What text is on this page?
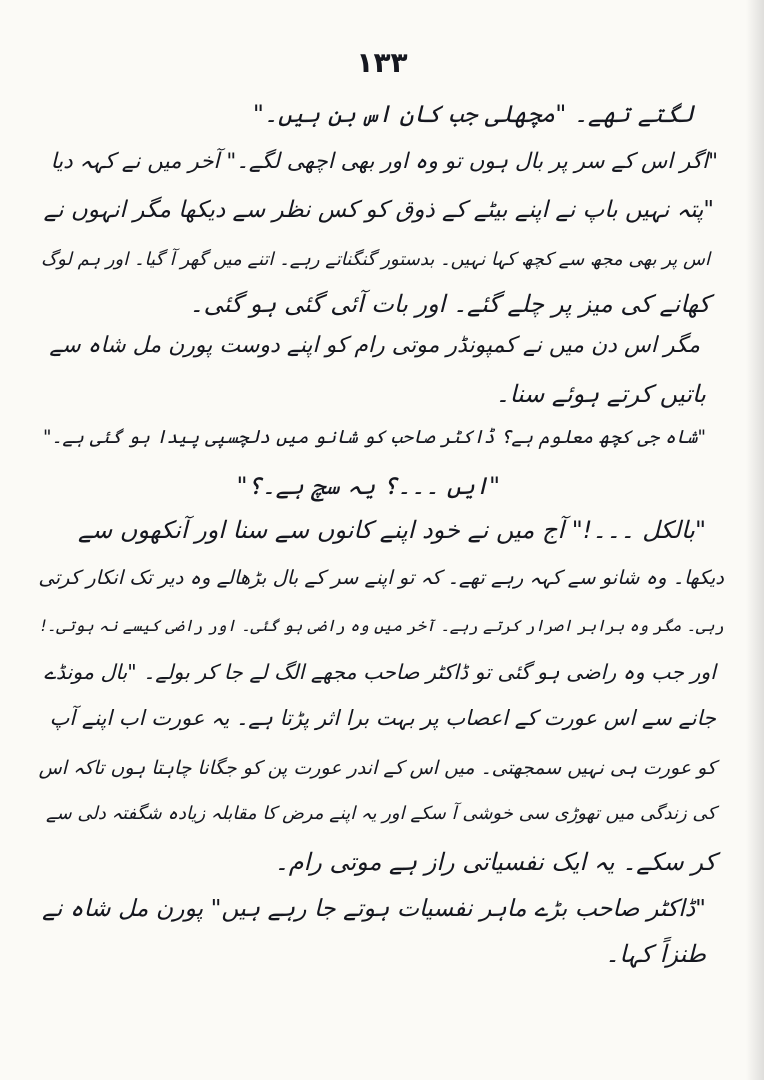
۱۳۳
لگتے تھے۔ "مچھلی جب کان اس بن ہیں۔"
"اگر اس کے سر پر بال ہوں تو وہ اور بھی اچھی لگے۔" آخر میں نے کہہ دیا
"پتہ نہیں باپ نے اپنے بیٹے کے ذوق کو کس نظر سے دیکھا مگر انہوں نے
اس پر بھی مجھ سے کچھ کہا نہیں۔ بدستور گنگناتے رہے۔ اتنے میں گھر آ گیا۔ اور ہم لوگ
کھانے کی میز پر چلے گئے۔ اور بات آئی گئی ہو گئی۔
مگر اس دن میں نے کمپونڈر موتی رام کو اپنے دوست پورن مل شاہ سے
باتیں کرتے ہوئے سنا۔
"شاہ جی کچھ معلوم ہے؟ ڈاکٹر صاحب کو شانو میں دلچسپی پیدا ہو گئی ہے۔"
"ایں ۔۔۔؟ یہ سچ ہے۔؟"
"بالکل ۔۔۔!" آج میں نے خود اپنے کانوں سے سنا اور آنکھوں سے
دیکھا۔ وہ شانو سے کہہ رہے تھے۔ کہ تو اپنے سر کے بال بڑھالے وہ دیر تک انکار کرتی
رہی۔ مگر وہ برابر اصرار کرتے رہے۔ آخر میں وہ راضی ہو گئی۔ اور راضی کیسے نہ ہوتی۔!
اور جب وہ راضی ہو گئی تو ڈاکٹر صاحب مجھے الگ لے جا کر بولے۔ "بال مونڈے
جانے سے اس عورت کے اعصاب پر بہت برا اثر پڑتا ہے۔ یہ عورت اب اپنے آپ
کو عورت ہی نہیں سمجھتی۔ میں اس کے اندر عورت پن کو جگانا چاہتا ہوں تاکہ اس
کی زندگی میں تھوڑی سی خوشی آ سکے اور یہ اپنے مرض کا مقابلہ زیادہ شگفتہ دلی سے
کر سکے۔ یہ ایک نفسیاتی راز ہے موتی رام۔
"ڈاکٹر صاحب بڑے ماہر نفسیات ہوتے جا رہے ہیں" پورن مل شاہ نے
طنزاً کہا۔
